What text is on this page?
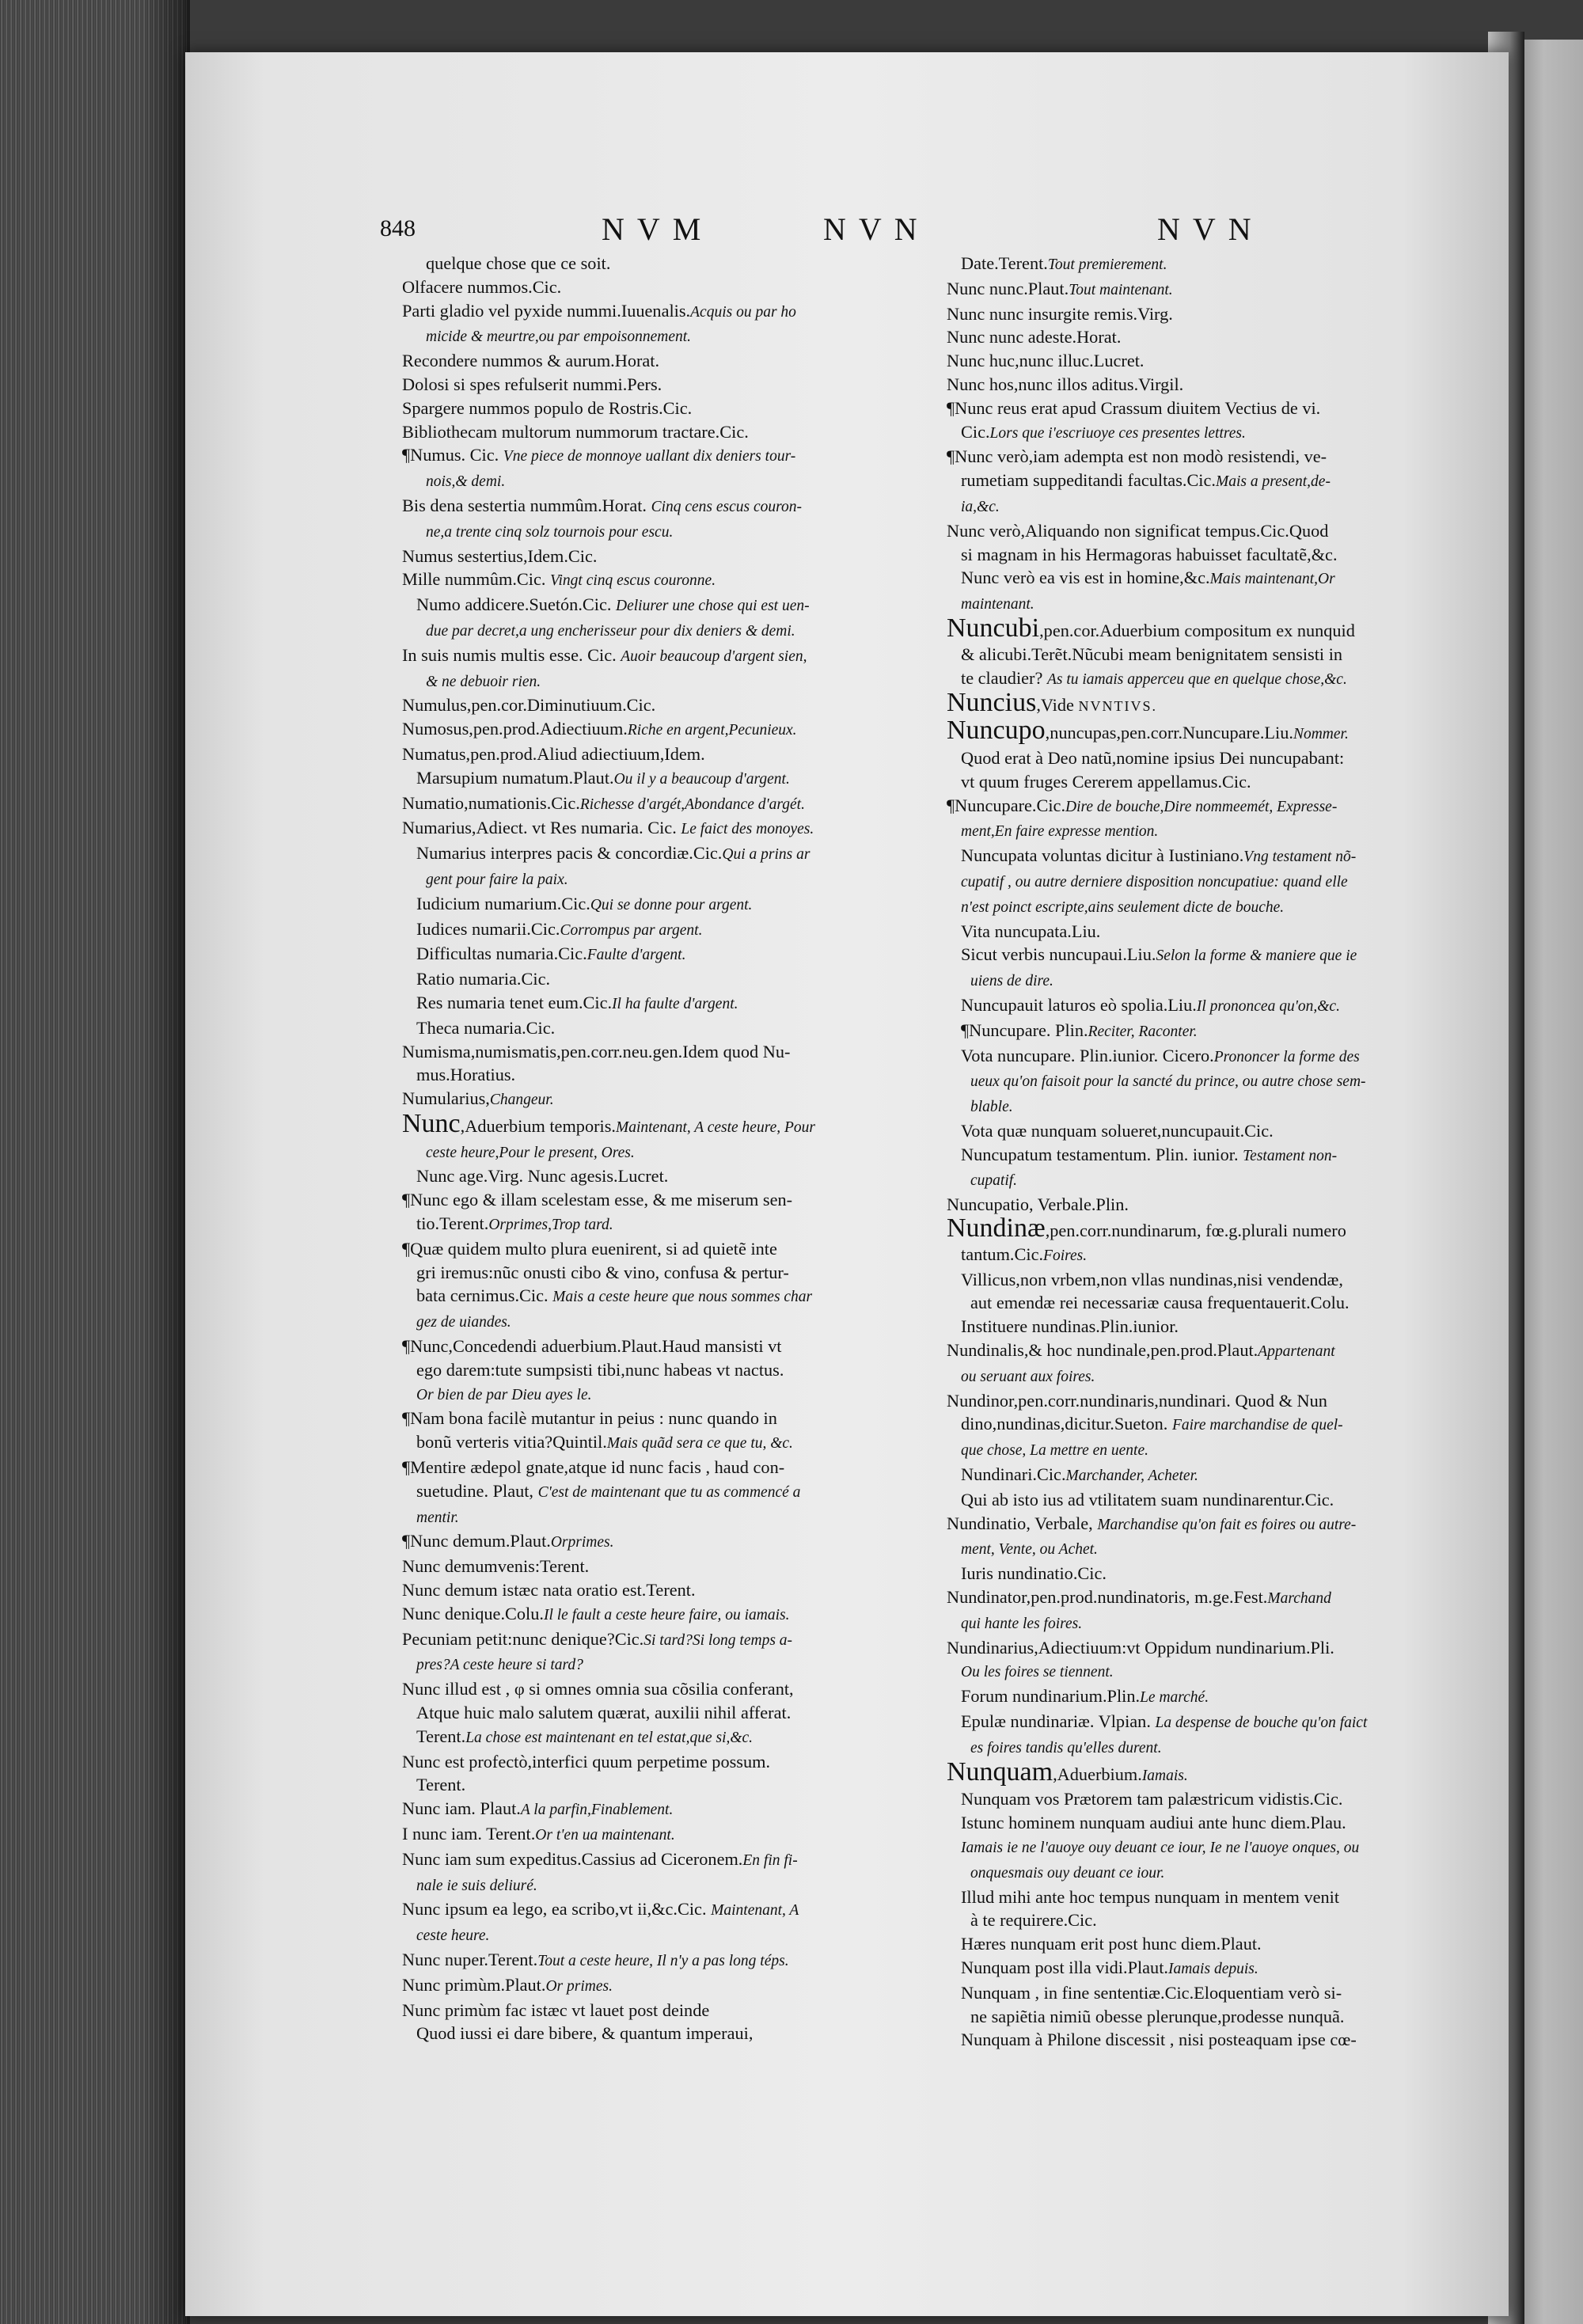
848	NVM	NVN	NVN

quelque chose que ce soit.

Olfacere nummos.Cic.

Parti gladio vel pyxide nummi.Iuuenalis.Acquis ou par ho

micide & meurtre,ou par empoisonnement.

Recondere nummos & aurum.Horat.

Dolosi si spes refulserit nummi.Pers.

Spargere nummos populo de Rostris.Cic.

Bibliothecam multorum nummorum tractare.Cic.

¶Numus. Cic. Vne piece de monnoye uallant dix deniers tour-

nois,& demi.

Bis dena sestertia nummûm.Horat. Cinq cens escus couron-

ne,a trente cinq solz tournois pour escu.

Numus sestertius,Idem.Cic.

Mille nummûm.Cic. Vingt cinq escus couronne.

Numo addicere.Suetón.Cic. Deliurer une chose qui est uen-

due par decret,a ung encherisseur pour dix deniers & demi.

In suis numis multis esse. Cic. Auoir beaucoup d'argent sien,

& ne debuoir rien.

Numulus,pen.cor.Diminutiuum.Cic.

Numosus,pen.prod.Adiectiuum.Riche en argent,Pecunieux.

Numatus,pen.prod.Aliud adiectiuum,Idem.

Marsupium numatum.Plaut.Ou il y a beaucoup d'argent.

Numatio,numationis.Cic.Richesse d'argét,Abondance d'argét.

Numarius,Adiect. vt Res numaria. Cic. Le faict des monoyes.

Numarius interpres pacis & concordiæ.Cic.Qui a prins ar

gent pour faire la paix.

Iudicium numarium.Cic.Qui se donne pour argent.

Iudices numarii.Cic.Corrompus par argent.

Difficultas numaria.Cic.Faulte d'argent.

Ratio numaria.Cic.

Res numaria tenet eum.Cic.Il ha faulte d'argent.

Theca numaria.Cic.

Numisma,numismatis,pen.corr.neu.gen.Idem quod Nu-

mus.Horatius.

Numularius,Changeur.

Nunc,Aduerbium temporis.Maintenant, A ceste heure, Pour

ceste heure,Pour le present, Ores.

Nunc age.Virg. Nunc agesis.Lucret.

¶Nunc ego & illam scelestam esse, & me miserum sen-

tio.Terent.Orprimes,Trop tard.

¶Quæ quidem multo plura euenirent, si ad quietẽ inte

gri iremus:nũc onusti cibo & vino, confusa & pertur-

bata cernimus.Cic. Mais a ceste heure que nous sommes char

gez de uiandes.

¶Nunc,Concedendi aduerbium.Plaut.Haud mansisti vt

ego darem:tute sumpsisti tibi,nunc habeas vt nactus.

Or bien de par Dieu ayes le.

¶Nam bona facilè mutantur in peius : nunc quando in

bonũ verteris vitia?Quintil.Mais quãd sera ce que tu, &c.

¶Mentire ædepol gnate,atque id nunc facis , haud con-

suetudine. Plaut, C'est de maintenant que tu as commencé a

mentir.

¶Nunc demum.Plaut.Orprimes.

Nunc demumvenis:Terent.

Nunc demum istæc nata oratio est.Terent.

Nunc denique.Colu.Il le fault a ceste heure faire, ou iamais.

Pecuniam petit:nunc denique?Cic.Si tard?Si long temps a-

pres?A ceste heure si tard?

Nunc illud est , φ si omnes omnia sua cõsilia conferant,

Atque huic malo salutem quærat, auxilii nihil afferat.

Terent.La chose est maintenant en tel estat,que si,&c.

Nunc est profectò,interfici quum perpetime possum.

Terent.

Nunc iam. Plaut.A la parfin,Finablement.

I nunc iam. Terent.Or t'en ua maintenant.

Nunc iam sum expeditus.Cassius ad Ciceronem.En fin fi-

nale ie suis deliuré.

Nunc ipsum ea lego, ea scribo,vt ii,&c.Cic. Maintenant, A

ceste heure.

Nunc nuper.Terent.Tout a ceste heure, Il n'y a pas long téps.

Nunc primùm.Plaut.Or primes.

Nunc primùm fac istæc vt lauet post deinde

Quod iussi ei dare bibere, & quantum imperaui,

Date.Terent.Tout premierement.

Nunc nunc.Plaut.Tout maintenant.

Nunc nunc insurgite remis.Virg.

Nunc nunc adeste.Horat.

Nunc huc,nunc illuc.Lucret.

Nunc hos,nunc illos aditus.Virgil.

¶Nunc reus erat apud Crassum diuitem Vectius de vi.

Cic.Lors que i'escriuoye ces presentes lettres.

¶Nunc verò,iam adempta est non modò resistendi, ve-

rumetiam suppeditandi facultas.Cic.Mais a present,de-

ia,&c.

Nunc verò,Aliquando non significat tempus.Cic.Quod

si magnam in his Hermagoras habuisset facultatẽ,&c.

Nunc verò ea vis est in homine,&c.Mais maintenant,Or

maintenant.

Nuncubi,pen.cor.Aduerbium compositum ex nunquid

& alicubi.Terẽt.Nũcubi meam benignitatem sensisti in

te claudier? As tu iamais apperceu que en quelque chose,&c.

Nuncius,Vide NVNTIVS.

Nuncupo,nuncupas,pen.corr.Nuncupare.Liu.Nommer.

Quod erat à Deo natũ,nomine ipsius Dei nuncupabant:

vt quum fruges Cererem appellamus.Cic.

¶Nuncupare.Cic.Dire de bouche,Dire nommeemét, Expresse-

ment,En faire expresse mention.

Nuncupata voluntas dicitur à Iustiniano.Vng testament nõ-

cupatif , ou autre derniere disposition noncupatiue: quand elle

n'est poinct escripte,ains seulement dicte de bouche.

Vita nuncupata.Liu.

Sicut verbis nuncupaui.Liu.Selon la forme & maniere que ie

uiens de dire.

Nuncupauit laturos eò spolia.Liu.Il prononcea qu'on,&c.

¶Nuncupare. Plin.Reciter, Raconter.

Vota nuncupare. Plin.iunior. Cicero.Prononcer la forme des

ueux qu'on faisoit pour la sancté du prince, ou autre chose sem-

blable.

Vota quæ nunquam solueret,nuncupauit.Cic.

Nuncupatum testamentum. Plin. iunior. Testament non-

cupatif.

Nuncupatio, Verbale.Plin.

Nundinæ,pen.corr.nundinarum, fœ.g.plurali numero

tantum.Cic.Foires.

Villicus,non vrbem,non vllas nundinas,nisi vendendæ,

aut emendæ rei necessariæ causa frequentauerit.Colu.

Instituere nundinas.Plin.iunior.

Nundinalis,& hoc nundinale,pen.prod.Plaut.Appartenant

ou seruant aux foires.

Nundinor,pen.corr.nundinaris,nundinari. Quod & Nun

dino,nundinas,dicitur.Sueton. Faire marchandise de quel-

que chose, La mettre en uente.

Nundinari.Cic.Marchander, Acheter.

Qui ab isto ius ad vtilitatem suam nundinarentur.Cic.

Nundinatio, Verbale, Marchandise qu'on fait es foires ou autre-

ment, Vente, ou Achet.

Iuris nundinatio.Cic.

Nundinator,pen.prod.nundinatoris, m.ge.Fest.Marchand

qui hante les foires.

Nundinarius,Adiectiuum:vt Oppidum nundinarium.Pli.

Ou les foires se tiennent.

Forum nundinarium.Plin.Le marché.

Epulæ nundinariæ. Vlpian. La despense de bouche qu'on faict

es foires tandis qu'elles durent.

Nunquam,Aduerbium.Iamais.

Nunquam vos Prætorem tam palæstricum vidistis.Cic.

Istunc hominem nunquam audiui ante hunc diem.Plau.

Iamais ie ne l'auoye ouy deuant ce iour, Ie ne l'auoye onques, ou

onquesmais ouy deuant ce iour.

Illud mihi ante hoc tempus nunquam in mentem venit

à te requirere.Cic.

Hæres nunquam erit post hunc diem.Plaut.

Nunquam post illa vidi.Plaut.Iamais depuis.

Nunquam , in fine sententiæ.Cic.Eloquentiam verò si-

ne sapiẽtia nimiũ obesse plerunque,prodesse nunquã.

Nunquam à Philone discessit , nisi posteaquam ipse cœ-
